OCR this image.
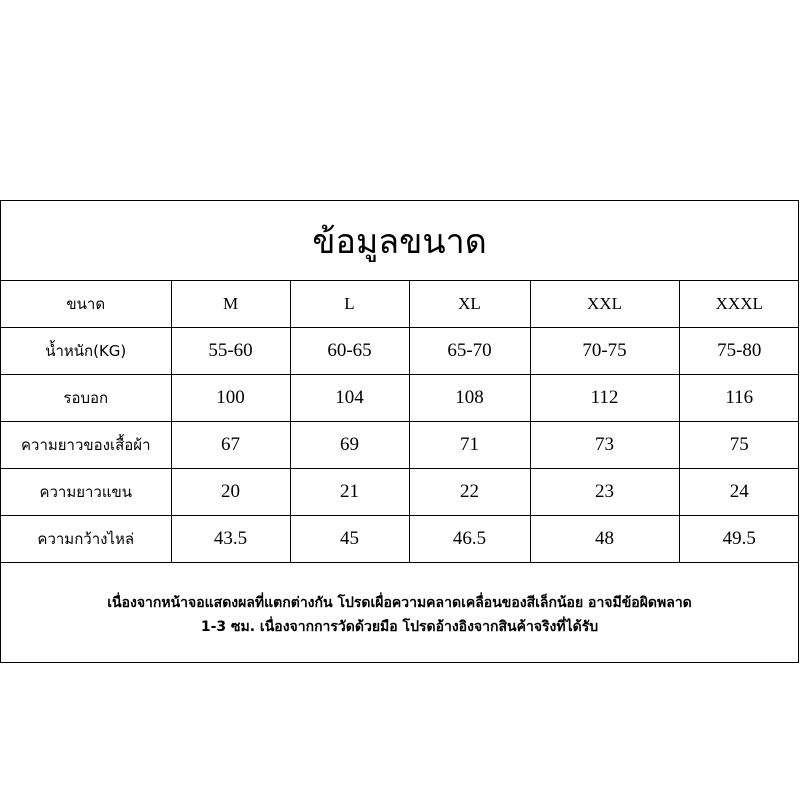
ข้อมูลขนาด
ขนาด	M	L	XL	XXL	XXXL
น้ำหนัก(KG)	55-60	60-65	65-70	70-75	75-80
รอบอก	100	104	108	112	116
ความยาวของเสื้อผ้า	67	69	71	73	75
ความยาวแขน	20	21	22	23	24
ความกว้างไหล่	43.5	45	46.5	48	49.5
เนื่องจากหน้าจอแสดงผลที่แตกต่างกัน โปรดเผื่อความคลาดเคลื่อนของสีเล็กน้อย อาจมีข้อผิดพลาด
1-3 ซม. เนื่องจากการวัดด้วยมือ โปรดอ้างอิงจากสินค้าจริงที่ได้รับ
